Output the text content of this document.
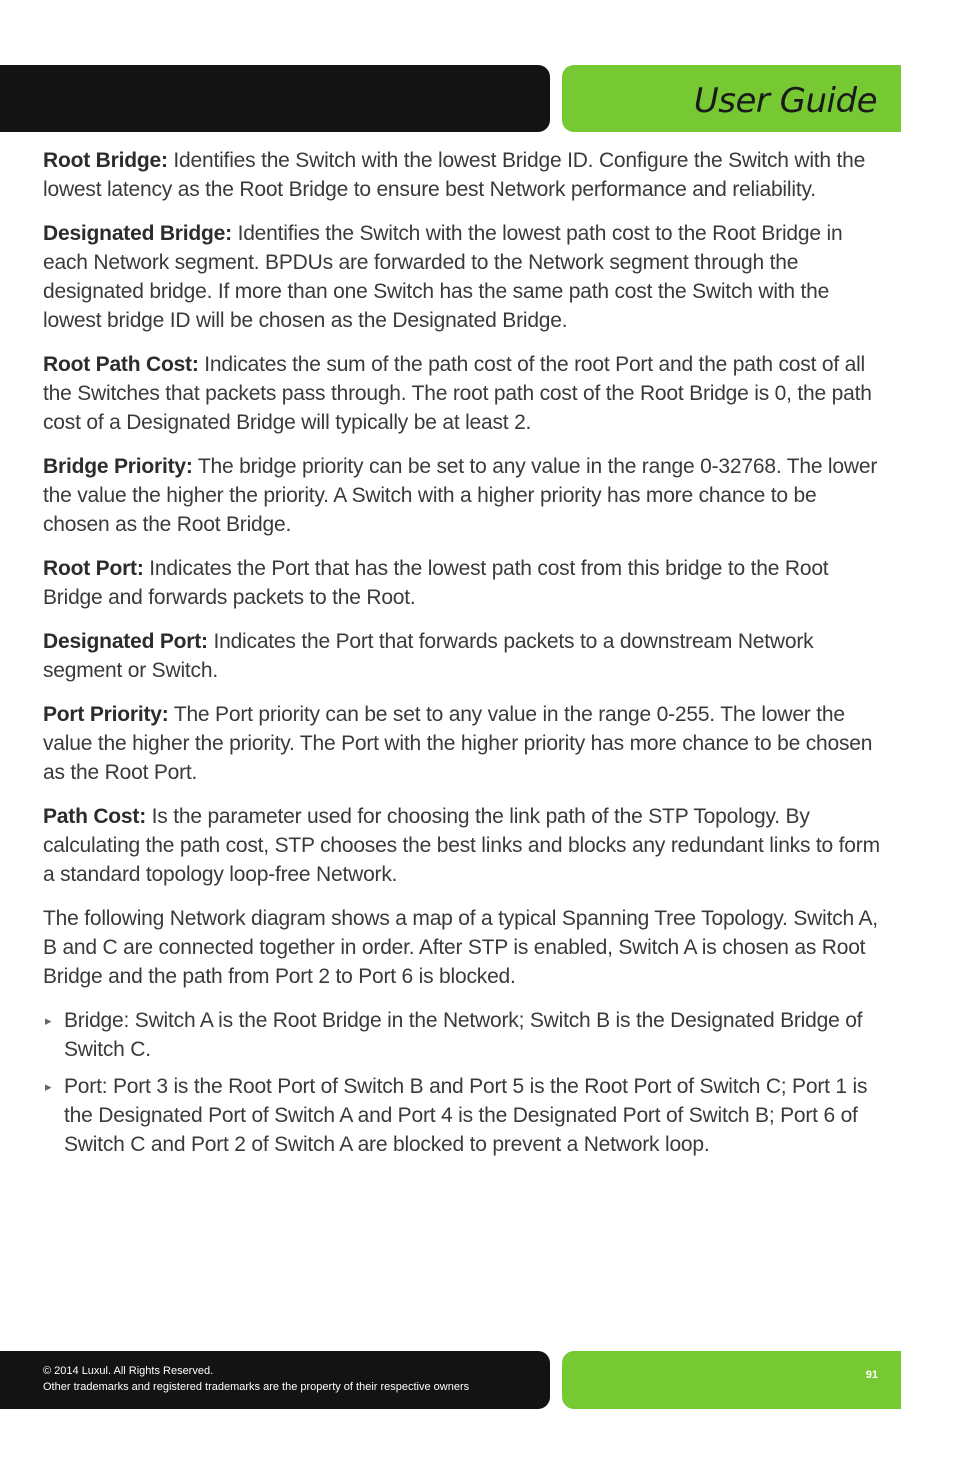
User Guide

Root Bridge: Identifies the Switch with the lowest Bridge ID. Configure the Switch with the lowest latency as the Root Bridge to ensure best Network performance and reliability.

Designated Bridge: Identifies the Switch with the lowest path cost to the Root Bridge in each Network segment. BPDUs are forwarded to the Network segment through the designated bridge. If more than one Switch has the same path cost the Switch with the lowest bridge ID will be chosen as the Designated Bridge.

Root Path Cost: Indicates the sum of the path cost of the root Port and the path cost of all the Switches that packets pass through. The root path cost of the Root Bridge is 0, the path cost of a Designated Bridge will typically be at least 2.

Bridge Priority: The bridge priority can be set to any value in the range 0-32768. The lower the value the higher the priority. A Switch with a higher priority has more chance to be chosen as the Root Bridge.

Root Port: Indicates the Port that has the lowest path cost from this bridge to the Root Bridge and forwards packets to the Root.

Designated Port: Indicates the Port that forwards packets to a downstream Network segment or Switch.

Port Priority: The Port priority can be set to any value in the range 0-255. The lower the value the higher the priority. The Port with the higher priority has more chance to be chosen as the Root Port.

Path Cost: Is the parameter used for choosing the link path of the STP Topology. By calculating the path cost, STP chooses the best links and blocks any redundant links to form a standard topology loop-free Network.

The following Network diagram shows a map of a typical Spanning Tree Topology. Switch A, B and C are connected together in order. After STP is enabled, Switch A is chosen as Root Bridge and the path from Port 2 to Port 6 is blocked.

▸ Bridge: Switch A is the Root Bridge in the Network; Switch B is the Designated Bridge of Switch C.
▸ Port: Port 3 is the Root Port of Switch B and Port 5 is the Root Port of Switch C; Port 1 is the Designated Port of Switch A and Port 4 is the Designated Port of Switch B; Port 6 of Switch C and Port 2 of Switch A are blocked to prevent a Network loop.
© 2014 Luxul. All Rights Reserved.
Other trademarks and registered trademarks are the property of their respective owners
91
